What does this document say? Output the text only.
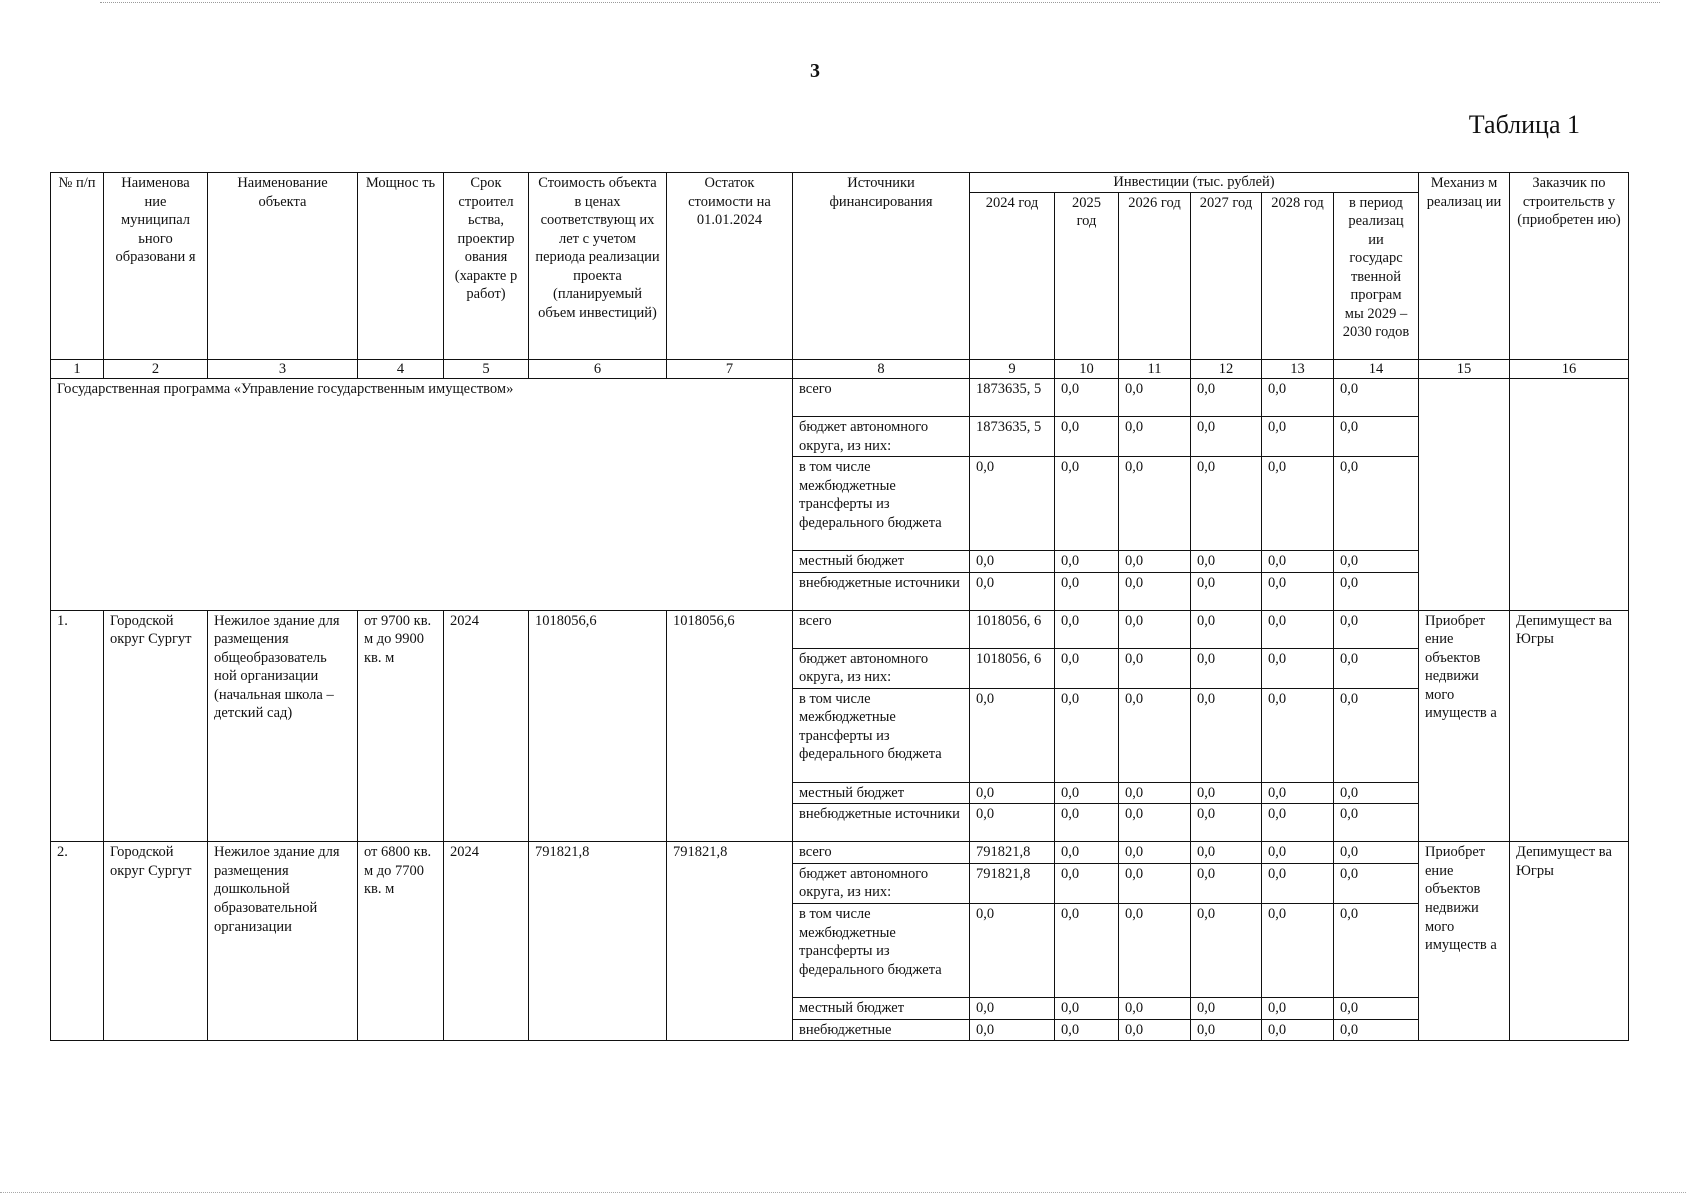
3
Таблица 1
№ п/п	Наименова ние муниципал ьного образовани я	Наименование объекта	Мощнос ть	Срок строител ьства, проектир ования (характе р работ)	Стоимость объекта в ценах соответствующ их лет с учетом периода реализации проекта (планируемый объем инвестиций)	Остаток стоимости на 01.01.2024	Источники финансирования	Инвестиции (тыс. рублей)						Механиз м реализац ии	Заказчик по строительств у (приобретен ию)
								2024 год	2025 год	2026 год	2027 год	2028 год	в период реализац ии государс твенной програм мы 2029 – 2030 годов		
1	2	3	4	5	6	7	8	9	10	11	12	13	14	15	16
Государственная программа «Управление государственным имуществом»							всего	1873635, 5	0,0	0,0	0,0	0,0	0,0		
							бюджет автономного округа, из них:	1873635, 5	0,0	0,0	0,0	0,0	0,0		
							в том числе межбюджетные трансферты из федерального бюджета	0,0	0,0	0,0	0,0	0,0	0,0		
							местный бюджет	0,0	0,0	0,0	0,0	0,0	0,0		
							внебюджетные источники	0,0	0,0	0,0	0,0	0,0	0,0		
1.	Городской округ Сургут	Нежилое здание для размещения общеобразователь ной организации (начальная школа – детский сад)	от 9700 кв. м до 9900 кв. м	2024	1018056,6	1018056,6	всего	1018056, 6	0,0	0,0	0,0	0,0	0,0	Приобрет ение объектов недвижи мого имуществ а	Депимущест ва Югры
							бюджет автономного округа, из них:	1018056, 6	0,0	0,0	0,0	0,0	0,0		
							в том числе межбюджетные трансферты из федерального бюджета	0,0	0,0	0,0	0,0	0,0	0,0		
							местный бюджет	0,0	0,0	0,0	0,0	0,0	0,0		
							внебюджетные источники	0,0	0,0	0,0	0,0	0,0	0,0		
2.	Городской округ Сургут	Нежилое здание для размещения дошкольной образовательной организации	от 6800 кв. м до 7700 кв. м	2024	791821,8	791821,8	всего	791821,8	0,0	0,0	0,0	0,0	0,0	Приобрет ение объектов недвижи мого имуществ а	Депимущест ва Югры
							бюджет автономного округа, из них:	791821,8	0,0	0,0	0,0	0,0	0,0		
							в том числе межбюджетные трансферты из федерального бюджета	0,0	0,0	0,0	0,0	0,0	0,0		
							местный бюджет	0,0	0,0	0,0	0,0	0,0	0,0		
							внебюджетные	0,0	0,0	0,0	0,0	0,0	0,0		
